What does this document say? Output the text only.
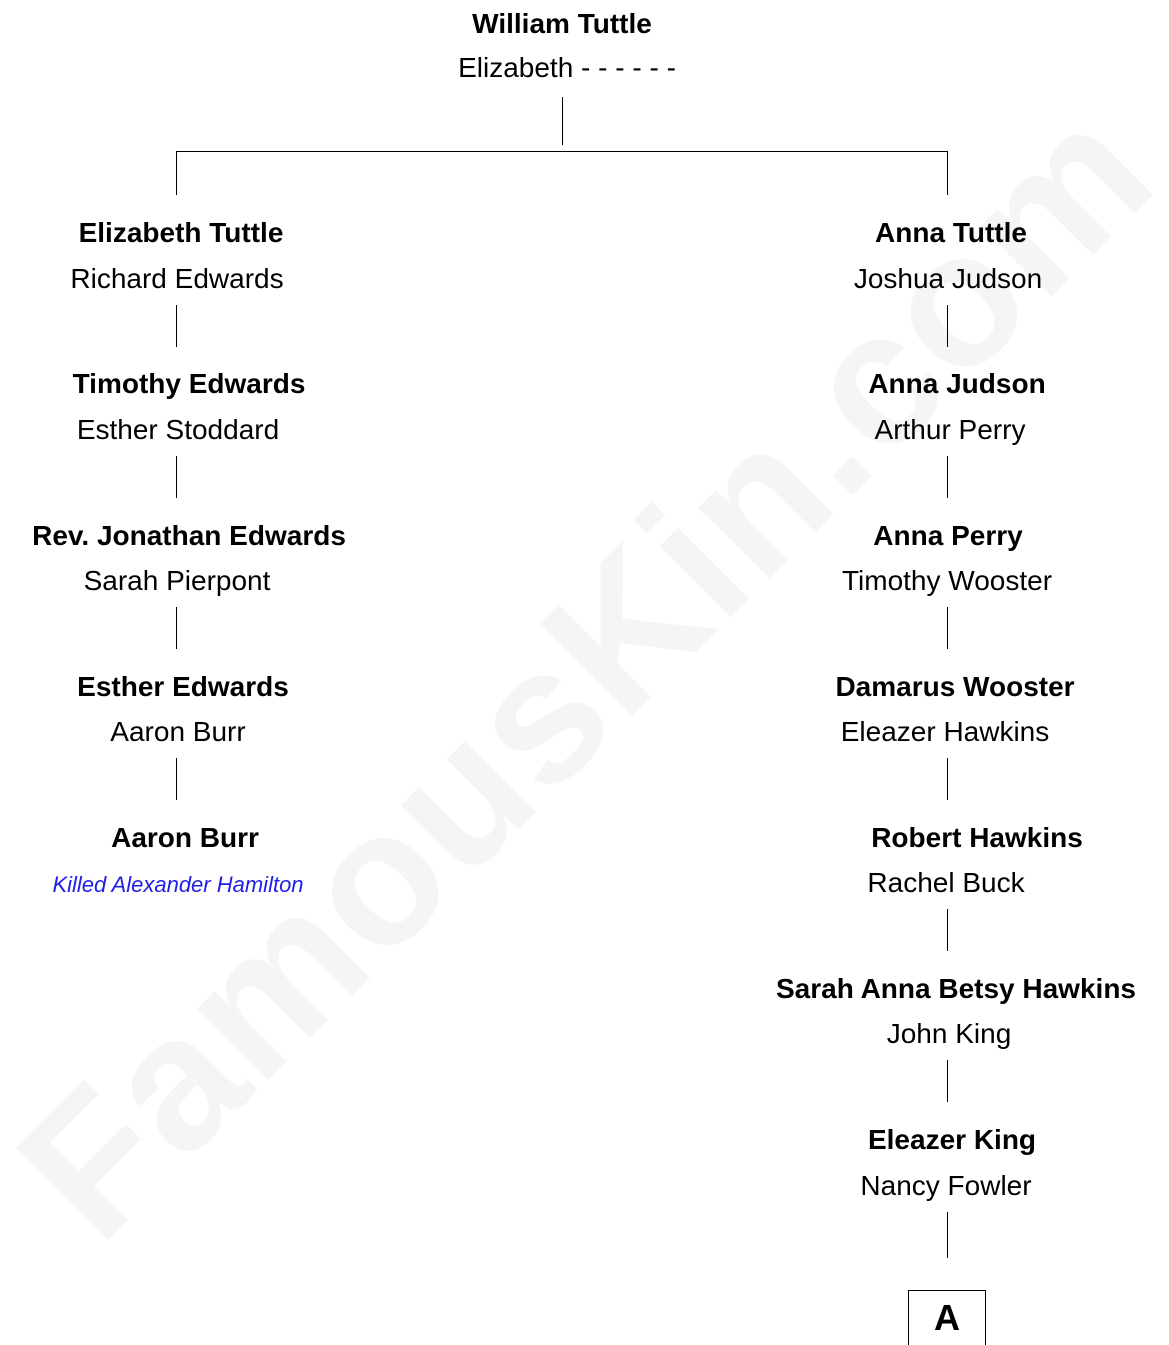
William Tuttle
Elizabeth - - - - - -
Elizabeth Tuttle
Richard Edwards
Timothy Edwards
Esther Stoddard
Rev. Jonathan Edwards
Sarah Pierpont
Esther Edwards
Aaron Burr
Aaron Burr
Killed Alexander Hamilton
Anna Tuttle
Joshua Judson
Anna Judson
Arthur Perry
Anna Perry
Timothy Wooster
Damarus Wooster
Eleazer Hawkins
Robert Hawkins
Rachel Buck
Sarah Anna Betsy Hawkins
John King
Eleazer King
Nancy Fowler
A
